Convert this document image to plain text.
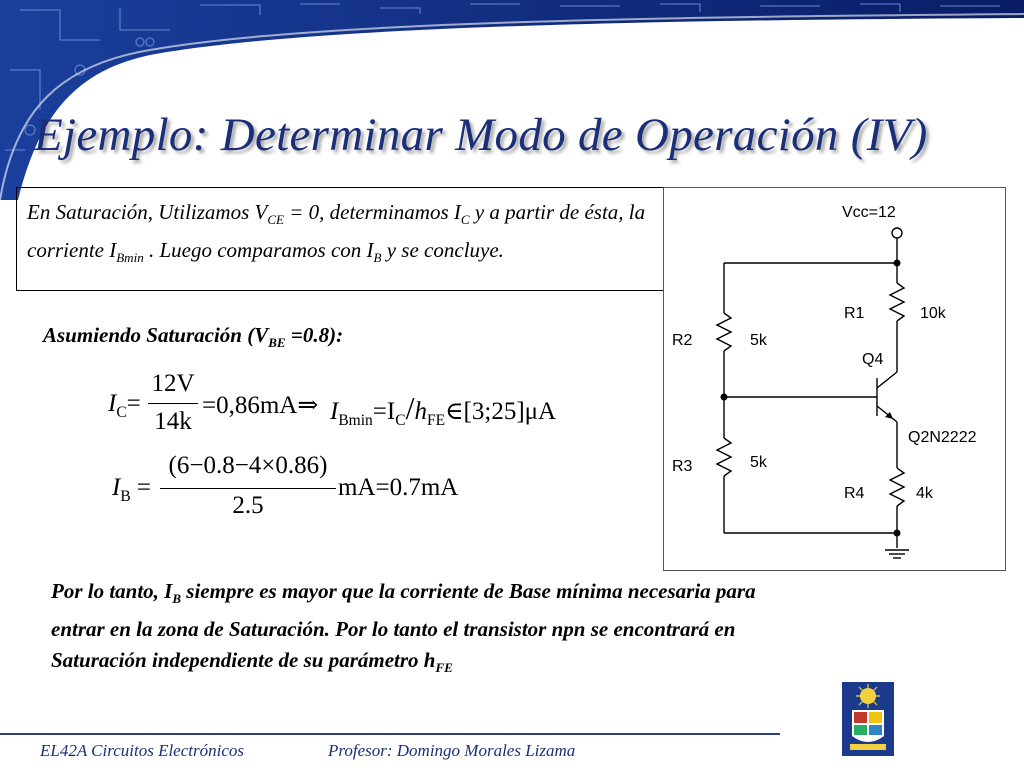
Ejemplo: Determinar Modo de Operación (IV)
En Saturación, Utilizamos $V_{CE} = 0$, determinamos $I_C$ y a partir de ésta, la corriente $I_{Bmin}$ . Luego comparamos con $I_B$ y se concluye.
Vcc=12
R1	10k
R2	5k
Q4
Q2N2222
R3	5k
R4	4k
Asumiendo Saturación $(V_{BE} =0.8)$:
$I_C=$
12V
14k
=0,86mA⇒ $I_{Bmin}=I_C/h_{FE}\in[3;25]\mu A$
$I_B$ =
(6−0.8−4×0.86)
2.5
mA=0.7mA
Por lo tanto, $I_B$ siempre es mayor que la corriente de Base mínima necesaria para entrar en la zona de Saturación. Por lo tanto el transistor npn se encontrará en Saturación independiente de su parámetro $h_{FE}$
EL42A Circuitos Electrónicos	Profesor: Domingo Morales Lizama
